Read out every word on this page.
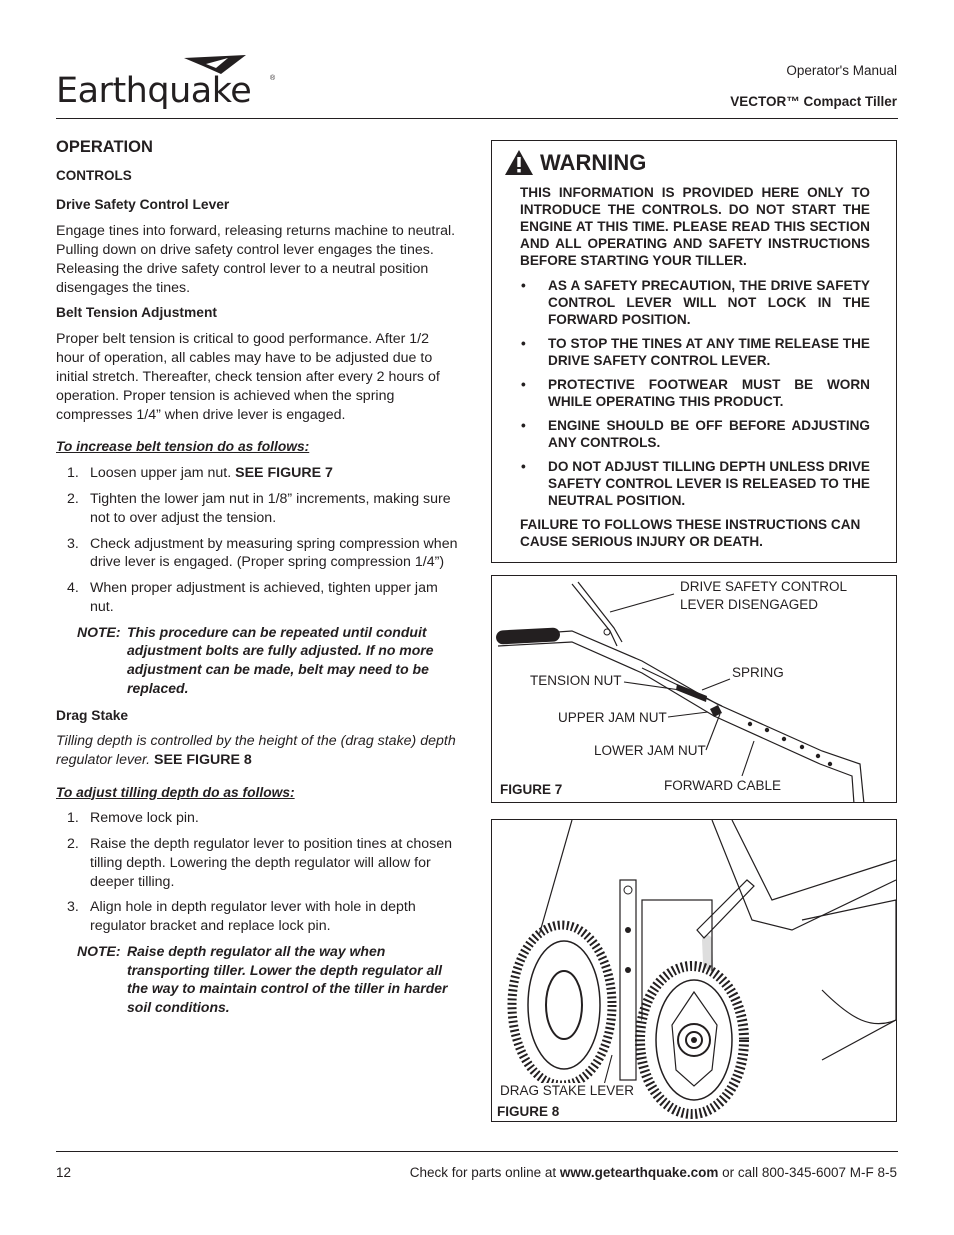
Earthquake	®
Operator's Manual
VECTOR™ Compact Tiller

OPERATION

CONTROLS

Drive Safety Control Lever

Engage tines into forward, releasing returns machine to neutral. Pulling down on drive safety control lever engages the tines. Releasing the drive safety control lever to a neutral position disengages the tines.

Belt Tension Adjustment

Proper belt tension is critical to good performance. After 1/2 hour of operation, all cables may have to be adjusted due to initial stretch. Thereafter, check tension after every 2 hours of operation. Proper tension is achieved when the spring compresses 1/4” when drive lever is engaged.

To increase belt tension do as follows:

1. Loosen upper jam nut. SEE FIGURE 7
2. Tighten the lower jam nut in 1/8” increments, making sure not to over adjust the tension.
3. Check adjustment by measuring spring compression when drive lever is engaged. (Proper spring compression 1/4”)
4. When proper adjustment is achieved, tighten upper jam nut.
NOTE: This procedure can be repeated until conduit adjustment bolts are fully adjusted. If no more adjustment can be made, belt may need to be replaced.

Drag Stake

Tilling depth is controlled by the height of the (drag stake) depth regulator lever. SEE FIGURE 8

To adjust tilling depth do as follows:

1. Remove lock pin.
2. Raise the depth regulator lever to position tines at chosen tilling depth. Lowering the depth regulator will allow for deeper tilling.
3. Align hole in depth regulator lever with hole in depth regulator bracket and replace lock pin.
NOTE: Raise depth regulator all the way when transporting tiller. Lower the depth regulator all the way to maintain control of the tiller in harder soil conditions.
WARNING

THIS INFORMATION IS PROVIDED HERE ONLY TO INTRODUCE THE CONTROLS. DO NOT START THE ENGINE AT THIS TIME. PLEASE READ THIS SECTION AND ALL OPERATING AND SAFETY INSTRUCTIONS BEFORE STARTING YOUR TILLER.

• AS A SAFETY PRECAUTION, THE DRIVE SAFETY CONTROL LEVER WILL NOT LOCK IN THE FORWARD POSITION.
• TO STOP THE TINES AT ANY TIME RELEASE THE DRIVE SAFETY CONTROL LEVER.
• PROTECTIVE FOOTWEAR MUST BE WORN WHILE OPERATING THIS PRODUCT.
• ENGINE SHOULD BE OFF BEFORE ADJUSTING ANY CONTROLS.
• DO NOT ADJUST TILLING DEPTH UNLESS DRIVE SAFETY CONTROL LEVER IS RELEASED TO THE NEUTRAL POSITION.

FAILURE TO FOLLOWS THESE INSTRUCTIONS CAN CAUSE SERIOUS INJURY OR DEATH.

DRIVE SAFETY CONTROL
LEVER DISENGAGED
SPRING
TENSION NUT
UPPER JAM NUT
LOWER JAM NUT
FORWARD CABLE
FIGURE 7
DRAG STAKE LEVER
FIGURE 8
12	Check for parts online at www.getearthquake.com or call 800-345-6007 M-F 8-5
